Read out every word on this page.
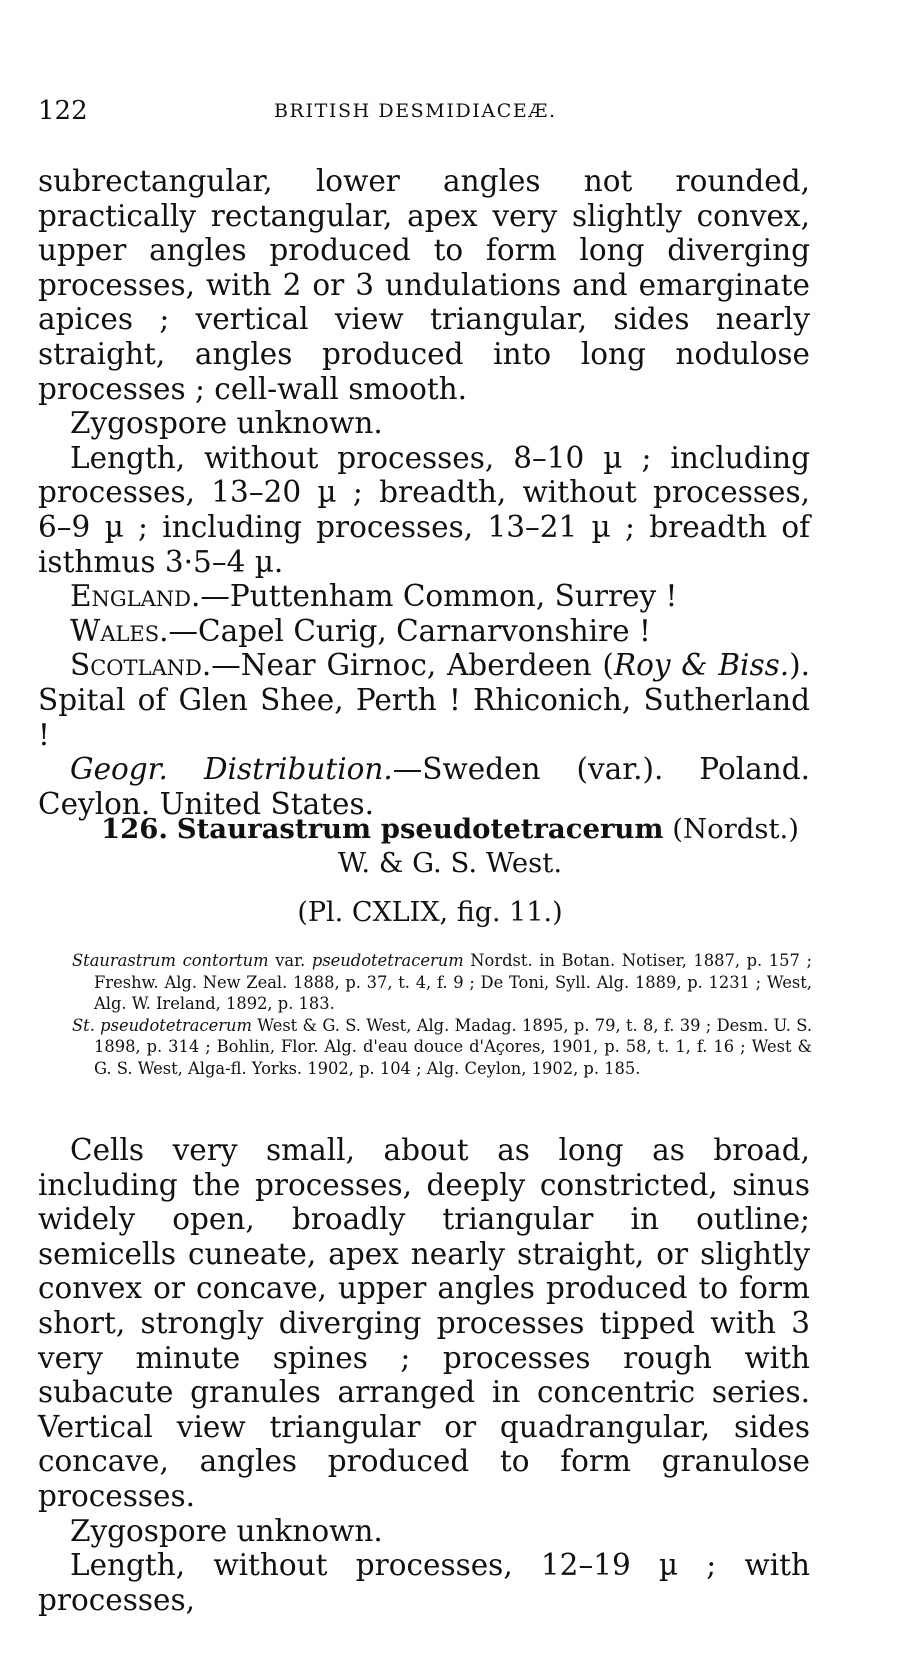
122	BRITISH DESMIDIACEÆ.

subrectangular, lower angles not rounded, practically rectangular, apex very slightly convex, upper angles produced to form long diverging processes, with 2 or 3 undulations and emarginate apices ; vertical view triangular, sides nearly straight, angles produced into long nodulose processes ; cell-wall smooth.

Zygospore unknown.

Length, without processes, 8–10 µ ; including processes, 13–20 µ ; breadth, without processes, 6–9 µ ; including processes, 13–21 µ ; breadth of isthmus 3·5–4 µ.

England.—Puttenham Common, Surrey !

Wales.—Capel Curig, Carnarvonshire !

Scotland.—Near Girnoc, Aberdeen (Roy & Biss.). Spital of Glen Shee, Perth ! Rhiconich, Sutherland !

Geogr. Distribution.—Sweden (var.). Poland. Ceylon. United States.

126. Staurastrum pseudotetracerum (Nordst.)
W. & G. S. West.
(Pl. CXLIX, fig. 11.)

Staurastrum contortum var. pseudotetracerum Nordst. in Botan. Notiser, 1887, p. 157 ; Freshw. Alg. New Zeal. 1888, p. 37, t. 4, f. 9 ; De Toni, Syll. Alg. 1889, p. 1231 ; West, Alg. W. Ireland, 1892, p. 183.

St. pseudotetracerum West & G. S. West, Alg. Madag. 1895, p. 79, t. 8, f. 39 ; Desm. U. S. 1898, p. 314 ; Bohlin, Flor. Alg. d'eau douce d'Açores, 1901, p. 58, t. 1, f. 16 ; West & G. S. West, Alga-fl. Yorks. 1902, p. 104 ; Alg. Ceylon, 1902, p. 185.

Cells very small, about as long as broad, including the processes, deeply constricted, sinus widely open, broadly triangular in outline; semicells cuneate, apex nearly straight, or slightly convex or concave, upper angles produced to form short, strongly diverging processes tipped with 3 very minute spines ; processes rough with subacute granules arranged in concentric series. Vertical view triangular or quadrangular, sides concave, angles produced to form granulose processes.

Zygospore unknown.

Length, without processes, 12–19 µ ; with processes,
